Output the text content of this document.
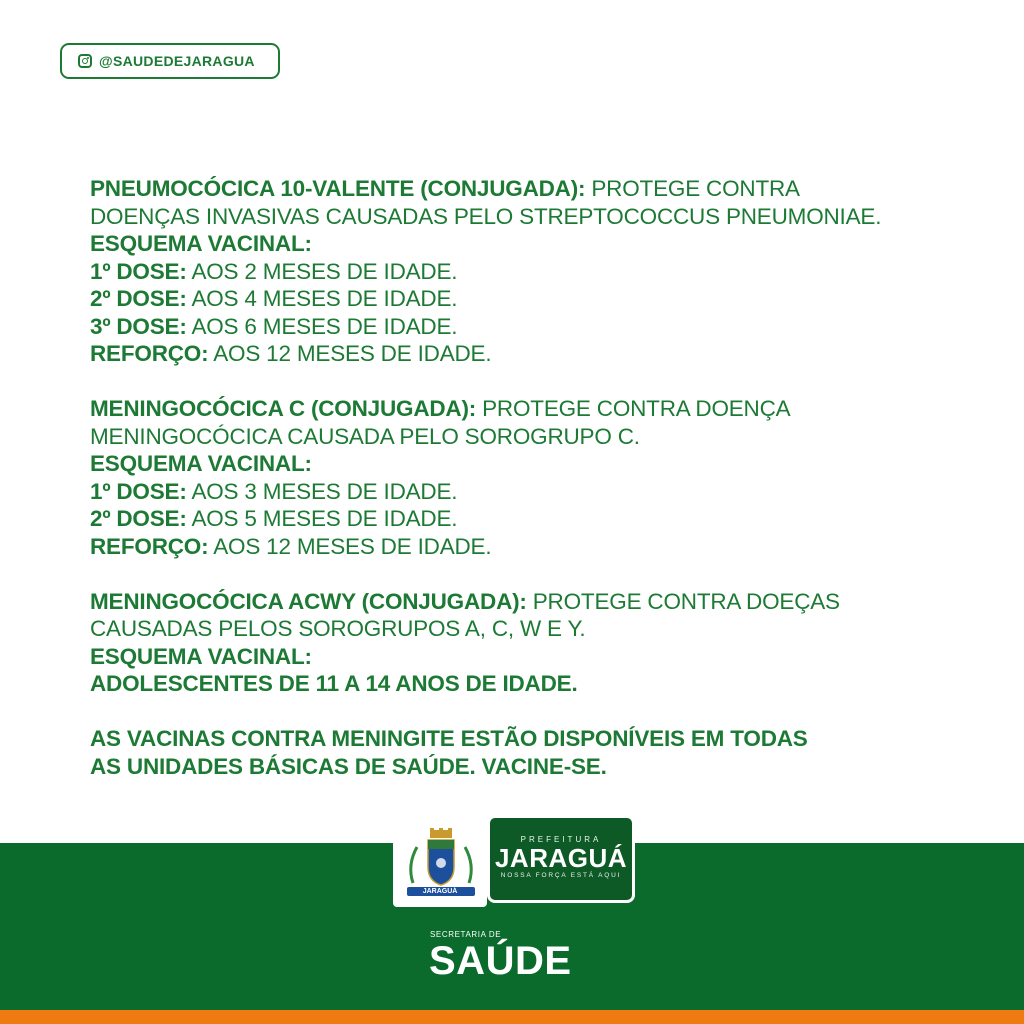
@SAUDEDEJARAGUA
PNEUMOCÓCICA 10-VALENTE (CONJUGADA): PROTEGE CONTRA
DOENÇAS INVASIVAS CAUSADAS PELO STREPTOCOCCUS PNEUMONIAE.
ESQUEMA VACINAL:
1º DOSE: AOS 2 MESES DE IDADE.
2º DOSE: AOS 4 MESES DE IDADE.
3º DOSE: AOS 6 MESES DE IDADE.
REFORÇO: AOS 12 MESES DE IDADE.
MENINGOCÓCICA C (CONJUGADA): PROTEGE CONTRA DOENÇA
MENINGOCÓCICA CAUSADA PELO SOROGRUPO C.
ESQUEMA VACINAL:
1º DOSE: AOS 3 MESES DE IDADE.
2º DOSE: AOS 5 MESES DE IDADE.
REFORÇO: AOS 12 MESES DE IDADE.
MENINGOCÓCICA ACWY (CONJUGADA): PROTEGE CONTRA DOEÇAS
CAUSADAS PELOS SOROGRUPOS A, C, W E Y.
ESQUEMA VACINAL:
ADOLESCENTES DE 11 A 14 ANOS DE IDADE.
AS VACINAS CONTRA MENINGITE ESTÃO DISPONÍVEIS EM TODAS
AS UNIDADES BÁSICAS DE SAÚDE. VACINE-SE.
JARAGUÁ
PREFEITURA
JARAGUÁ
NOSSA FORÇA ESTÁ AQUI
SECRETARIA DE
SAÚDE
